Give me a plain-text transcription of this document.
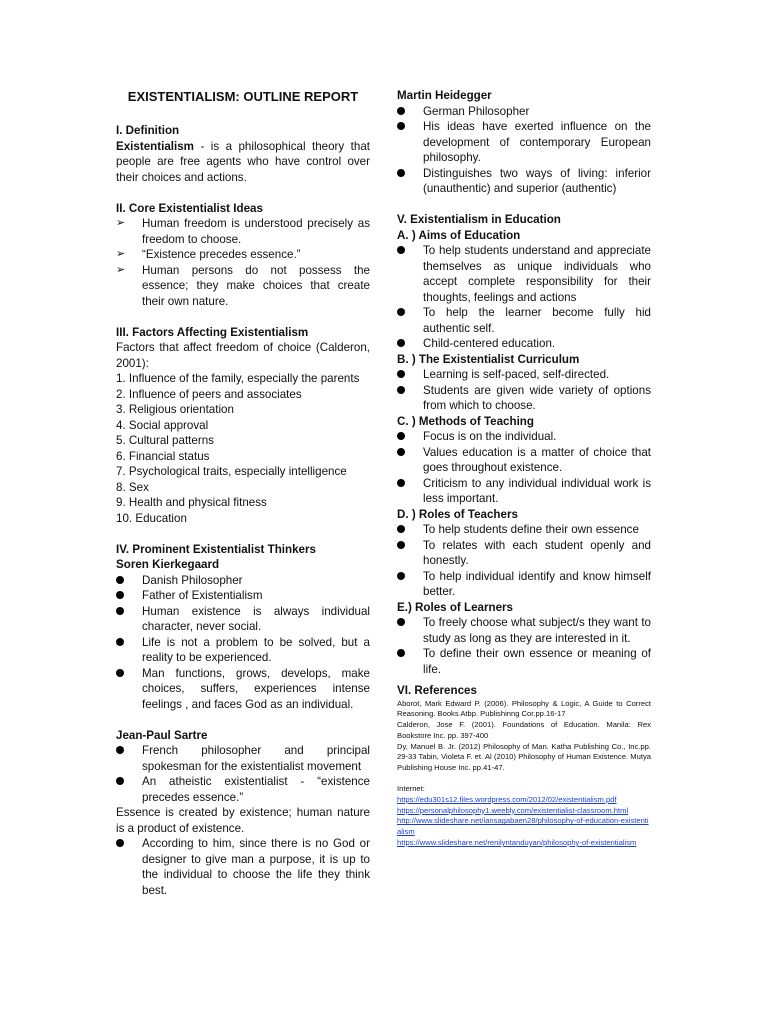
EXISTENTIALISM: OUTLINE REPORT
I. Definition

Existentialism - is a philosophical theory that people are free agents who have control over their choices and actions.

II. Core Existentialist Ideas
➢	Human freedom is understood precisely as freedom to choose.
➢	“Existence precedes essence.”
➢	Human persons do not possess the essence; they make choices that create their own nature.
III. Factors Affecting Existentialism

Factors that affect freedom of choice (Calderon, 2001):

1. Influence of the family, especially the parents
2. Influence of peers and associates
3. Religious orientation
4. Social approval
5. Cultural patterns
6. Financial status
7. Psychological traits, especially intelligence
8. Sex
9. Health and physical fitness
10. Education
IV. Prominent Existentialist Thinkers
Soren Kierkegaard
Danish Philosopher
Father of Existentialism
Human existence is always individual character, never social.
Life is not a problem to be solved, but a reality to be experienced.
Man functions, grows, develops, make choices, suffers, experiences intense feelings , and faces God as an individual.
Jean-Paul Sartre
French philosopher and principal spokesman for the existentialist movement
An atheistic existentialist - “existence precedes essence.”

Essence is created by existence; human nature is a product of existence.

According to him, since there is no God or designer to give man a purpose, it is up to the individual to choose the life they think best.
Martin Heidegger
German Philosopher
His ideas have exerted influence on the development of contemporary European philosophy.
Distinguishes two ways of living: inferior (unauthentic) and superior (authentic)
V. Existentialism in Education
A. ) Aims of Education
To help students understand and appreciate themselves as unique individuals who accept complete responsibility for their thoughts, feelings and actions
To help the learner become fully hid authentic self.
Child-centered education.
B. ) The Existentialist Curriculum
Learning is self-paced, self-directed.
Students are given wide variety of options from which to choose.
C. ) Methods of Teaching
Focus is on the individual.
Values education is a matter of choice that goes throughout existence.
Criticism to any individual individual work is less important.
D. ) Roles of Teachers
To help students define their own essence
To relates with each student openly and honestly.
To help individual identify and know himself better.
E.) Roles of Learners
To freely choose what subject/s they want to study as long as they are interested in it.
To define their own essence or meaning of life.
VI. References

Aborot, Mark Edward P. (2006). Philosophy & Logic, A Guide to Correct Reasoning. Books Atbp. Publishinng Cor.pp.16-17

Calderon, Jose F. (2001). Foundations of Education. Manila: Rex Bookstore Inc. pp. 397-400

Dy, Manuel B. Jr. (2012) Philosophy of Man. Katha Publishing Co., Inc.pp. 29-33 Tabin, Violeta F. et. Al (2010) Philosophy of Human Existence. Mutya Publishing House Inc. pp.41-47.

Internet:

https://edu301s12.files.wordpress.com/2012/02/existentialism.pdf
https://personalphilosophy1.weebly.com/existentialist-classroom.html
http://www.slideshare.net/iansagabaen28/philosophy-of-education-existentialism
https://www.slideshare.net/renilyntanduyan/philosophy-of-existentialism
